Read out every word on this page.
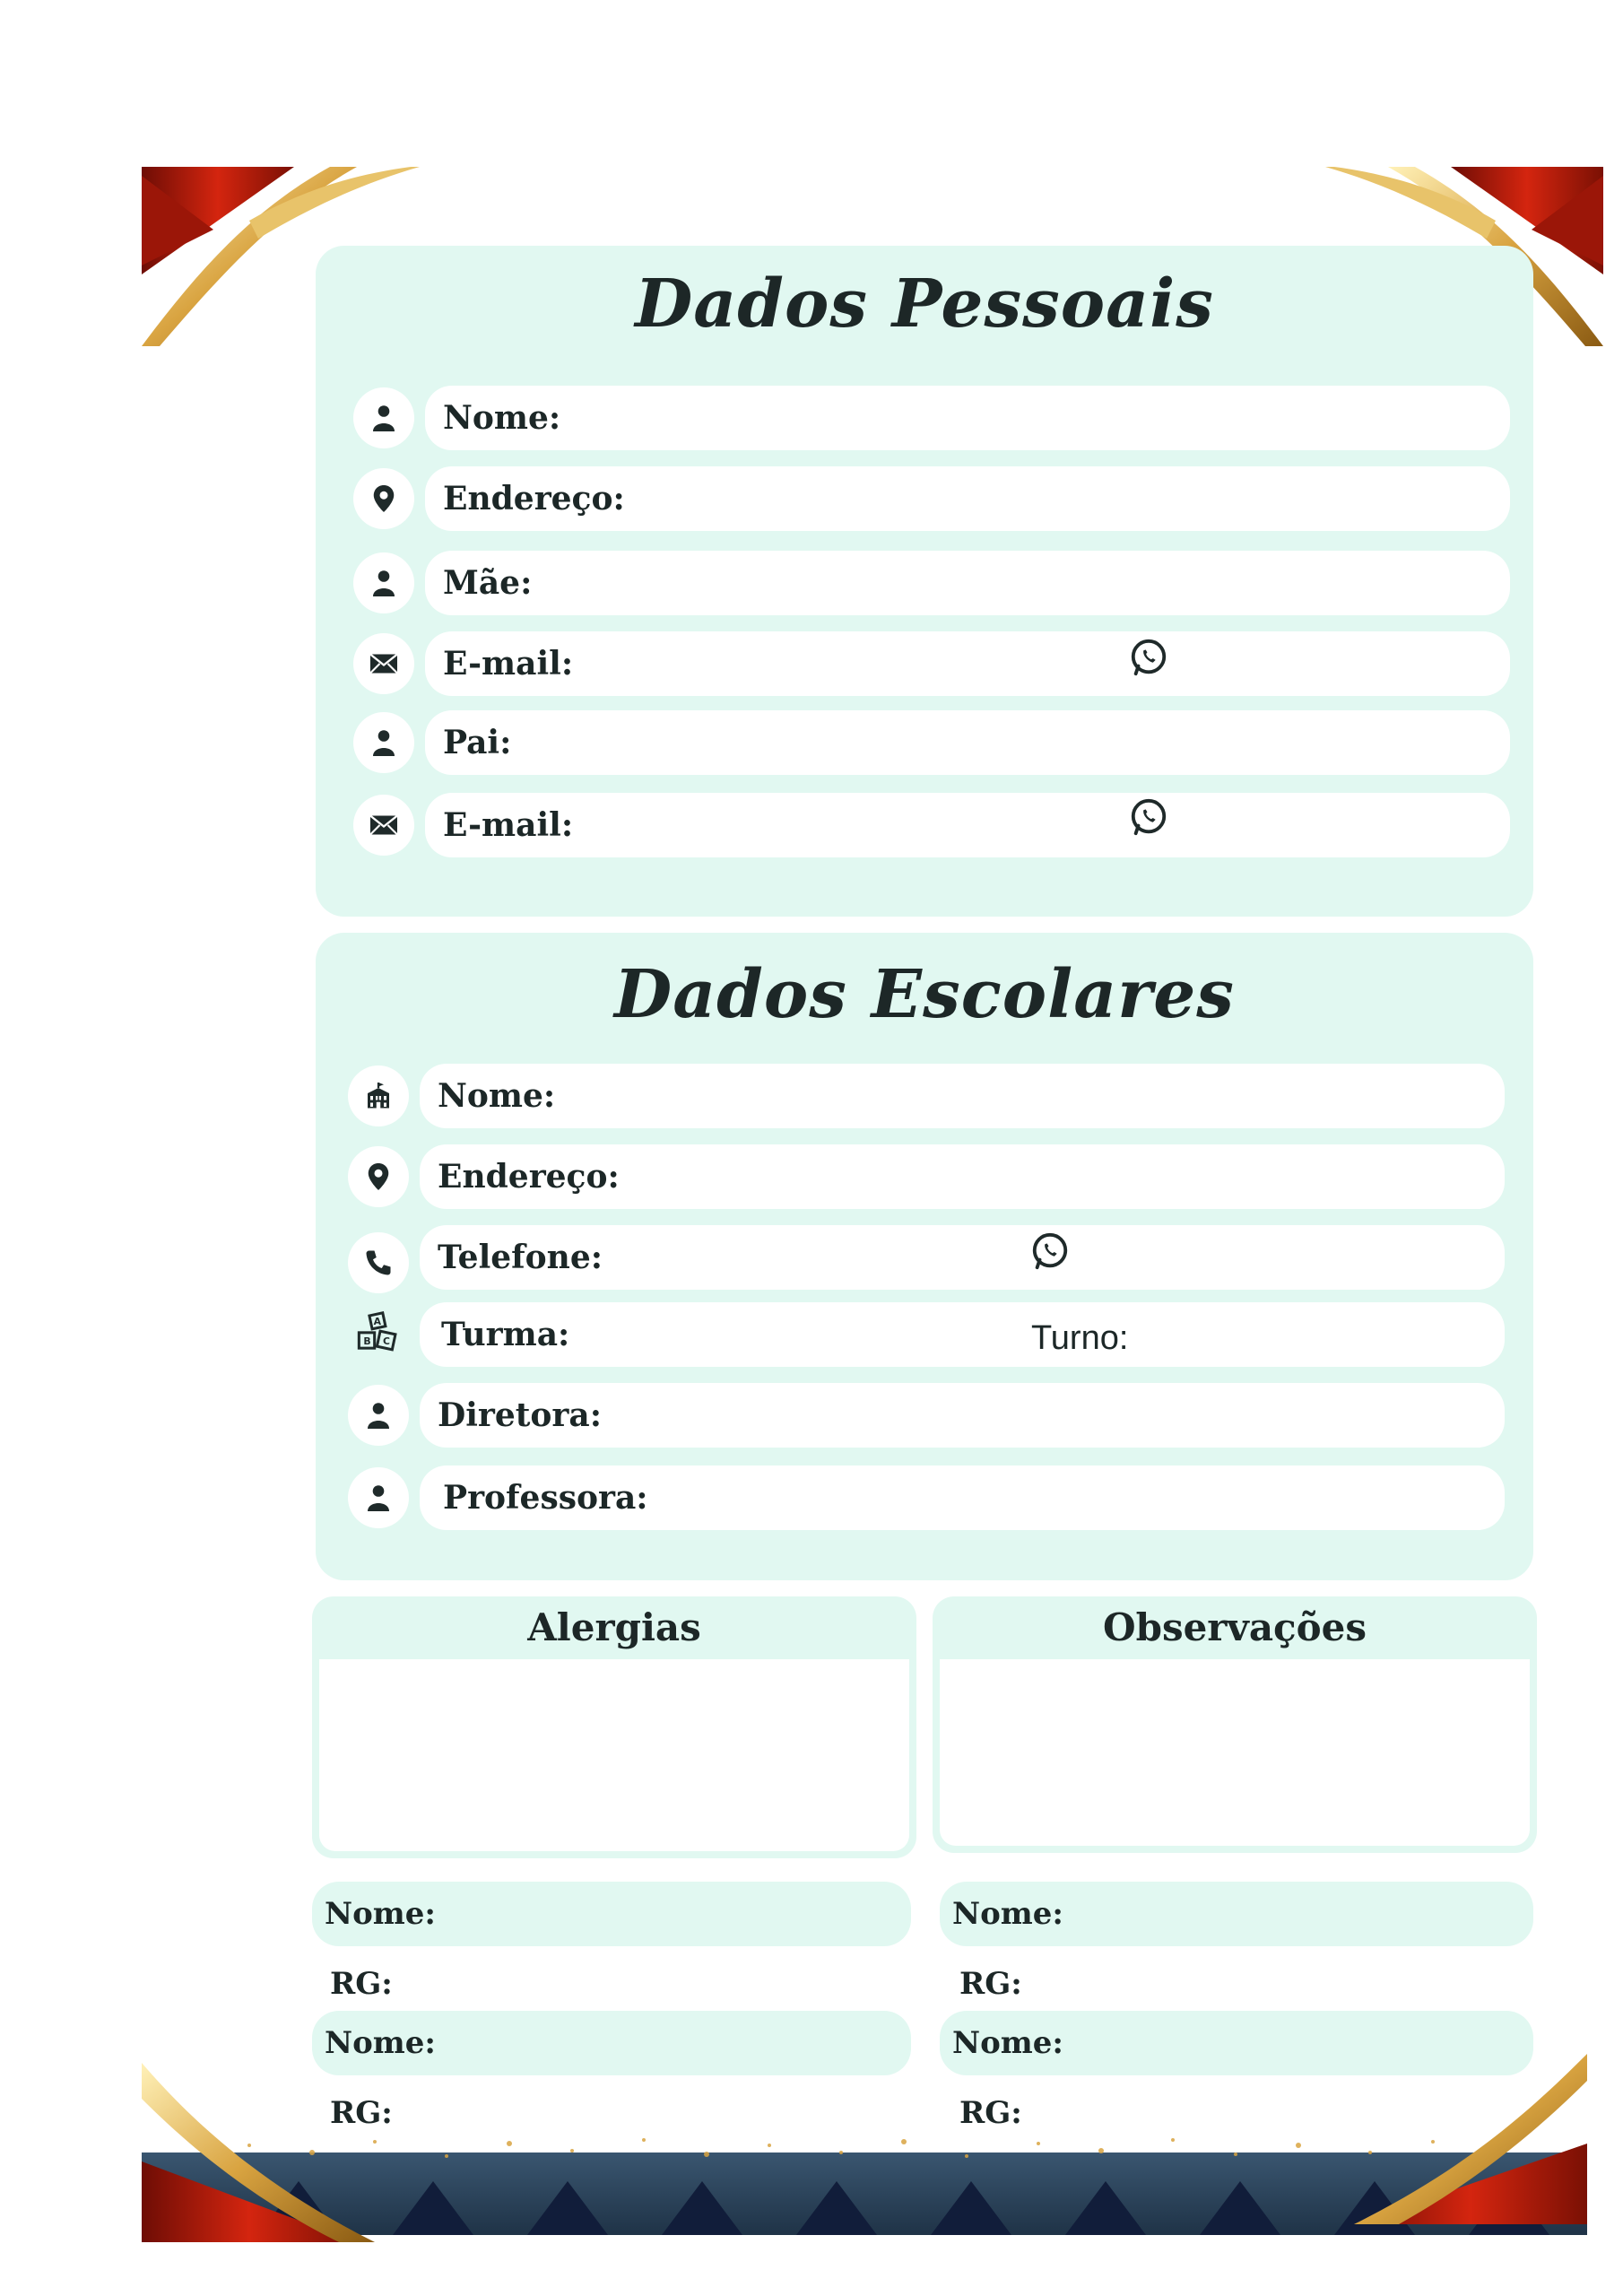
Dados Pessoais
Nome:
Endereço:
Mãe:
E-mail:
Pai:
E-mail:
Dados Escolares
Nome:
Endereço:
Telefone:
A
B	C Turma:	Turno:
Diretora:
Professora:
Alergias	Observações
Nome:
RG:
Nome:
RG:
Nome:
RG:
Nome:
RG:
